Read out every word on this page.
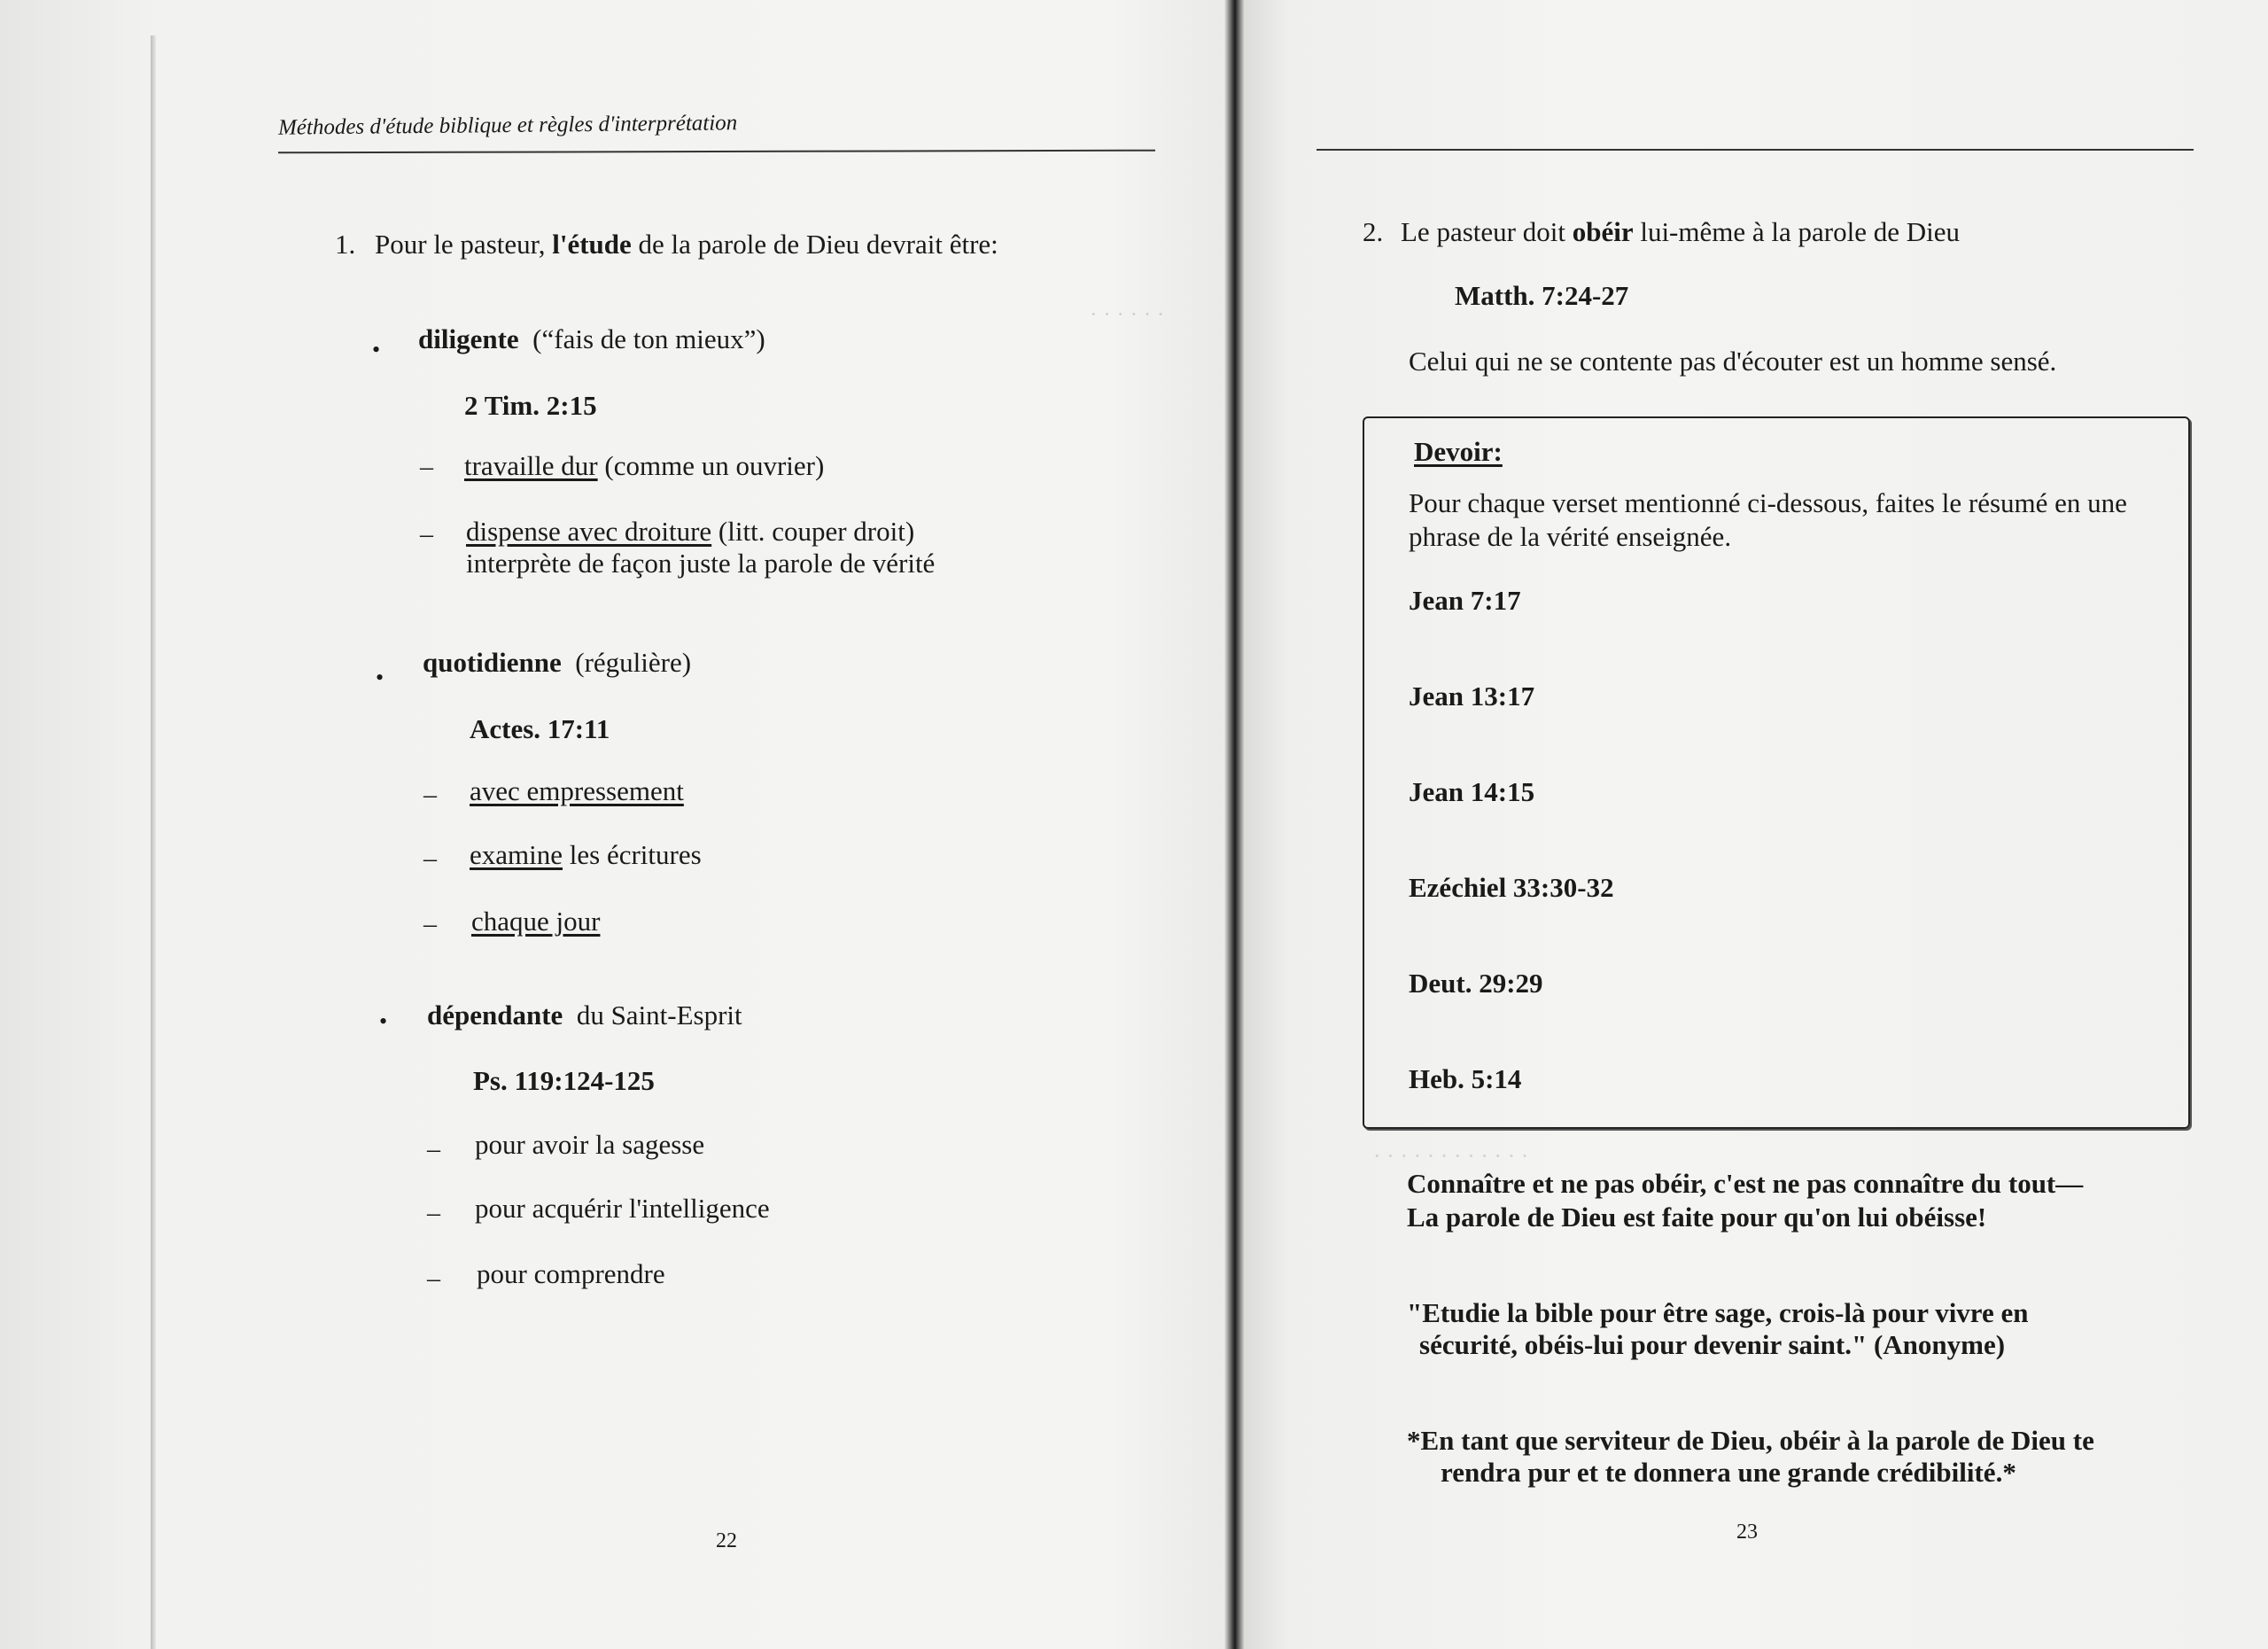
· · · · · ·
· · · · · · · · · · · ·
Méthodes d'étude biblique et règles d'interprétation
1. Pour le pasteur, l'étude de la parole de Dieu devrait être:
• diligente (“fais de ton mieux”)
2 Tim. 2:15
– travaille dur (comme un ouvrier)
– dispense avec droiture (litt. couper droit)
interprète de façon juste la parole de vérité
• quotidienne (régulière)
Actes. 17:11
– avec empressement
– examine les écritures
– chaque jour
• dépendante du Saint-Esprit
Ps. 119:124-125
– pour avoir la sagesse
– pour acquérir l'intelligence
– pour comprendre
22
2. Le pasteur doit obéir lui-même à la parole de Dieu
Matth. 7:24-27
Celui qui ne se contente pas d'écouter est un homme sensé.
Devoir:
Pour chaque verset mentionné ci-dessous, faites le résumé en une
phrase de la vérité enseignée.
Jean 7:17
Jean 13:17
Jean 14:15
Ezéchiel 33:30-32
Deut. 29:29
Heb. 5:14
Connaître et ne pas obéir, c'est ne pas connaître du tout—
La parole de Dieu est faite pour qu'on lui obéisse!
"Etudie la bible pour être sage, crois-là pour vivre en
sécurité, obéis-lui pour devenir saint." (Anonyme)
*En tant que serviteur de Dieu, obéir à la parole de Dieu te
rendra pur et te donnera une grande crédibilité.*
23
